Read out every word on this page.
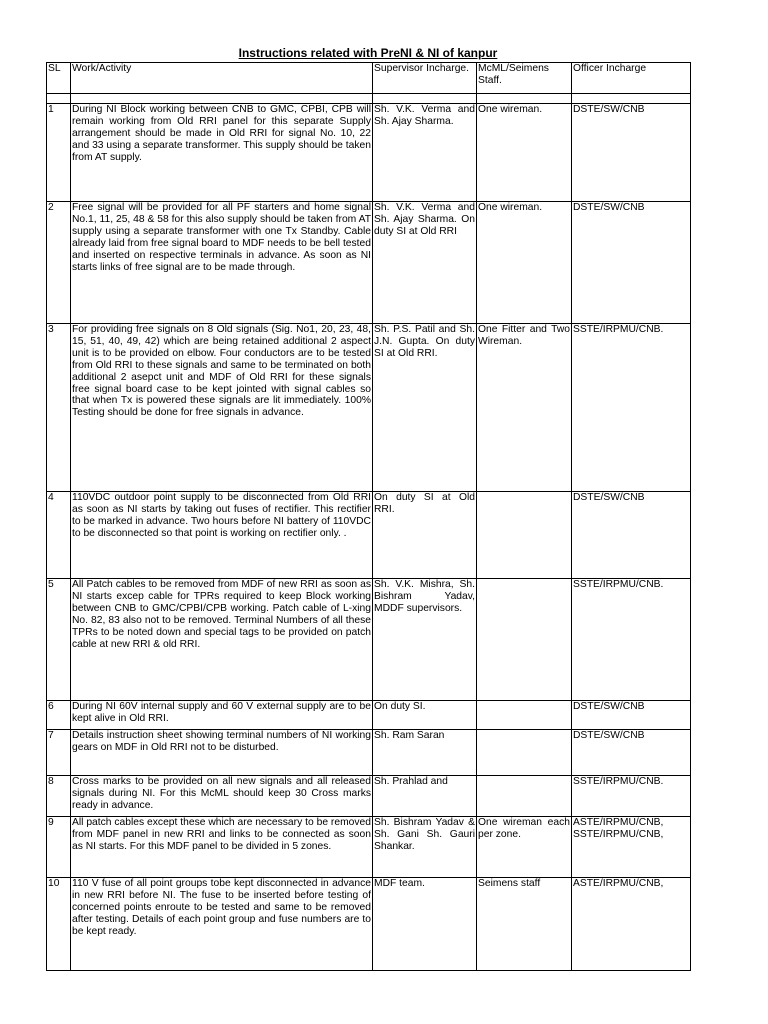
Instructions related with PreNI & NI of kanpur
SL	Work/Activity	Supervisor Incharge.	McML/Seimens Staff.	Officer Incharge

1	During NI Block working between CNB to GMC, CPBI, CPB will remain working from Old RRI panel for this separate Supply arrangement should be made in Old RRI for signal No. 10, 22 and 33 using a separate transformer. This supply should be taken from AT supply.	Sh. V.K. Verma and Sh. Ajay Sharma.	One wireman.	DSTE/SW/CNB
2	Free signal will be provided for all PF starters and home signal No.1, 11, 25, 48 & 58 for this also supply should be taken from AT supply using a separate transformer with one Tx Standby. Cable already laid from free signal board to MDF needs to be bell tested and inserted on respective terminals in advance. As soon as NI starts links of free signal are to be made through.	Sh. V.K. Verma and Sh. Ajay Sharma. On duty SI at Old RRI	One wireman.	DSTE/SW/CNB
3	For providing free signals on 8 Old signals (Sig. No1, 20, 23, 48, 15, 51, 40, 49, 42) which are being retained additional 2 aspect unit is to be provided on elbow. Four conductors are to be tested from Old RRI to these signals and same to be terminated on both additional 2 asepct unit and MDF of Old RRI for these signals free signal board case to be kept jointed with signal cables so that when Tx is powered these signals are lit immediately. 100% Testing should be done for free signals in advance.	Sh. P.S. Patil and Sh. J.N. Gupta. On duty SI at Old RRI.	One Fitter and Two Wireman.	SSTE/IRPMU/CNB.
4	110VDC outdoor point supply to be disconnected from Old RRI as soon as NI starts by taking out fuses of rectifier. This rectifier to be marked in advance. Two hours before NI battery of 110VDC to be disconnected so that point is working on rectifier only. .	On duty SI at Old RRI.		DSTE/SW/CNB
5	All Patch cables to be removed from MDF of new RRI as soon as NI starts excep cable for TPRs required to keep Block working between CNB to GMC/CPBI/CPB working. Patch cable of L-xing No. 82, 83 also not to be removed. Terminal Numbers of all these TPRs to be noted down and special tags to be provided on patch cable at new RRI & old RRI.	Sh. V.K. Mishra, Sh. Bishram Yadav, MDDF supervisors.		SSTE/IRPMU/CNB.
6	During NI 60V internal supply and 60 V external supply are to be kept alive in Old RRI.	On duty SI.		DSTE/SW/CNB
7	Details instruction sheet showing terminal numbers of NI working gears on MDF in Old RRI not to be disturbed.	Sh. Ram Saran		DSTE/SW/CNB
8	Cross marks to be provided on all new signals and all released signals during NI. For this McML should keep 30 Cross marks ready in advance.	Sh. Prahlad and		SSTE/IRPMU/CNB.
9	All patch cables except these which are necessary to be removed from MDF panel in new RRI and links to be connected as soon as NI starts. For this MDF panel to be divided in 5 zones.	Sh. Bishram Yadav & Sh. Gani Sh. Gauri Shankar.	One wireman each per zone.	ASTE/IRPMU/CNB,
SSTE/IRPMU/CNB,

10	110 V fuse of all point groups tobe kept disconnected in advance in new RRI before NI. The fuse to be inserted before testing of concerned points enroute to be tested and same to be removed after testing. Details of each point group and fuse numbers are to be kept ready.	MDF team.	Seimens staff	ASTE/IRPMU/CNB,
